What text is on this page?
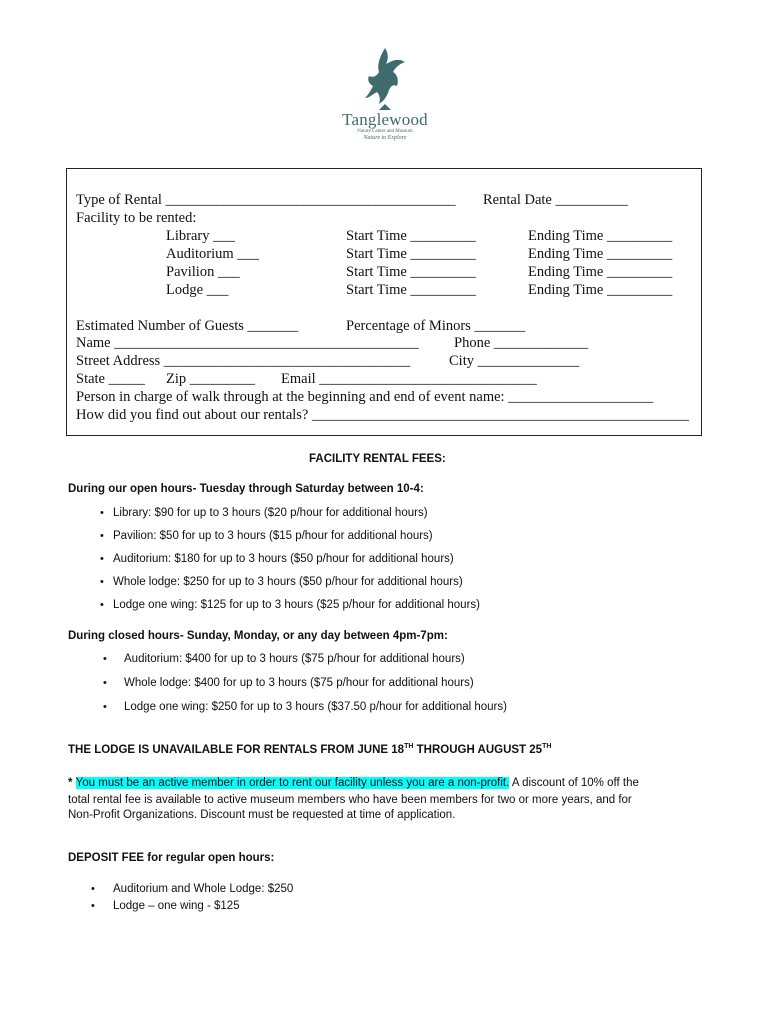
Tanglewood
Nature Center and Museum
Nature to Explore
Type of Rental ________________________________________ Rental Date __________
Facility to be rented:
Library ___	Start Time _________	Ending Time _________
Auditorium ___	Start Time _________	Ending Time _________
Pavilion ___	Start Time _________	Ending Time _________
Lodge ___	Start Time _________	Ending Time _________
Estimated Number of Guests _______	Percentage of Minors _______
Name __________________________________________ Phone _____________
Street Address __________________________________	City ______________
State _____ Zip _________ Email ______________________________
Person in charge of walk through at the beginning and end of event name: ____________________
How did you find out about our rentals? ____________________________________________________
FACILITY RENTAL FEES:
During our open hours- Tuesday through Saturday between 10-4:
• Library: $90 for up to 3 hours ($20 p/hour for additional hours)
• Pavilion: $50 for up to 3 hours ($15 p/hour for additional hours)
• Auditorium: $180 for up to 3 hours ($50 p/hour for additional hours)
• Whole lodge: $250 for up to 3 hours ($50 p/hour for additional hours)
• Lodge one wing: $125 for up to 3 hours ($25 p/hour for additional hours)
During closed hours- Sunday, Monday, or any day between 4pm-7pm:
• Auditorium: $400 for up to 3 hours ($75 p/hour for additional hours)
• Whole lodge: $400 for up to 3 hours ($75 p/hour for additional hours)
• Lodge one wing: $250 for up to 3 hours ($37.50 p/hour for additional hours)
THE LODGE IS UNAVAILABLE FOR RENTALS FROM JUNE 18TH THROUGH AUGUST 25TH
* You must be an active member in order to rent our facility unless you are a non-profit. A discount of 10% off the
total rental fee is available to active museum members who have been members for two or more years, and for
Non-Profit Organizations. Discount must be requested at time of application.
DEPOSIT FEE for regular open hours:
• Auditorium and Whole Lodge: $250
• Lodge – one wing - $125
